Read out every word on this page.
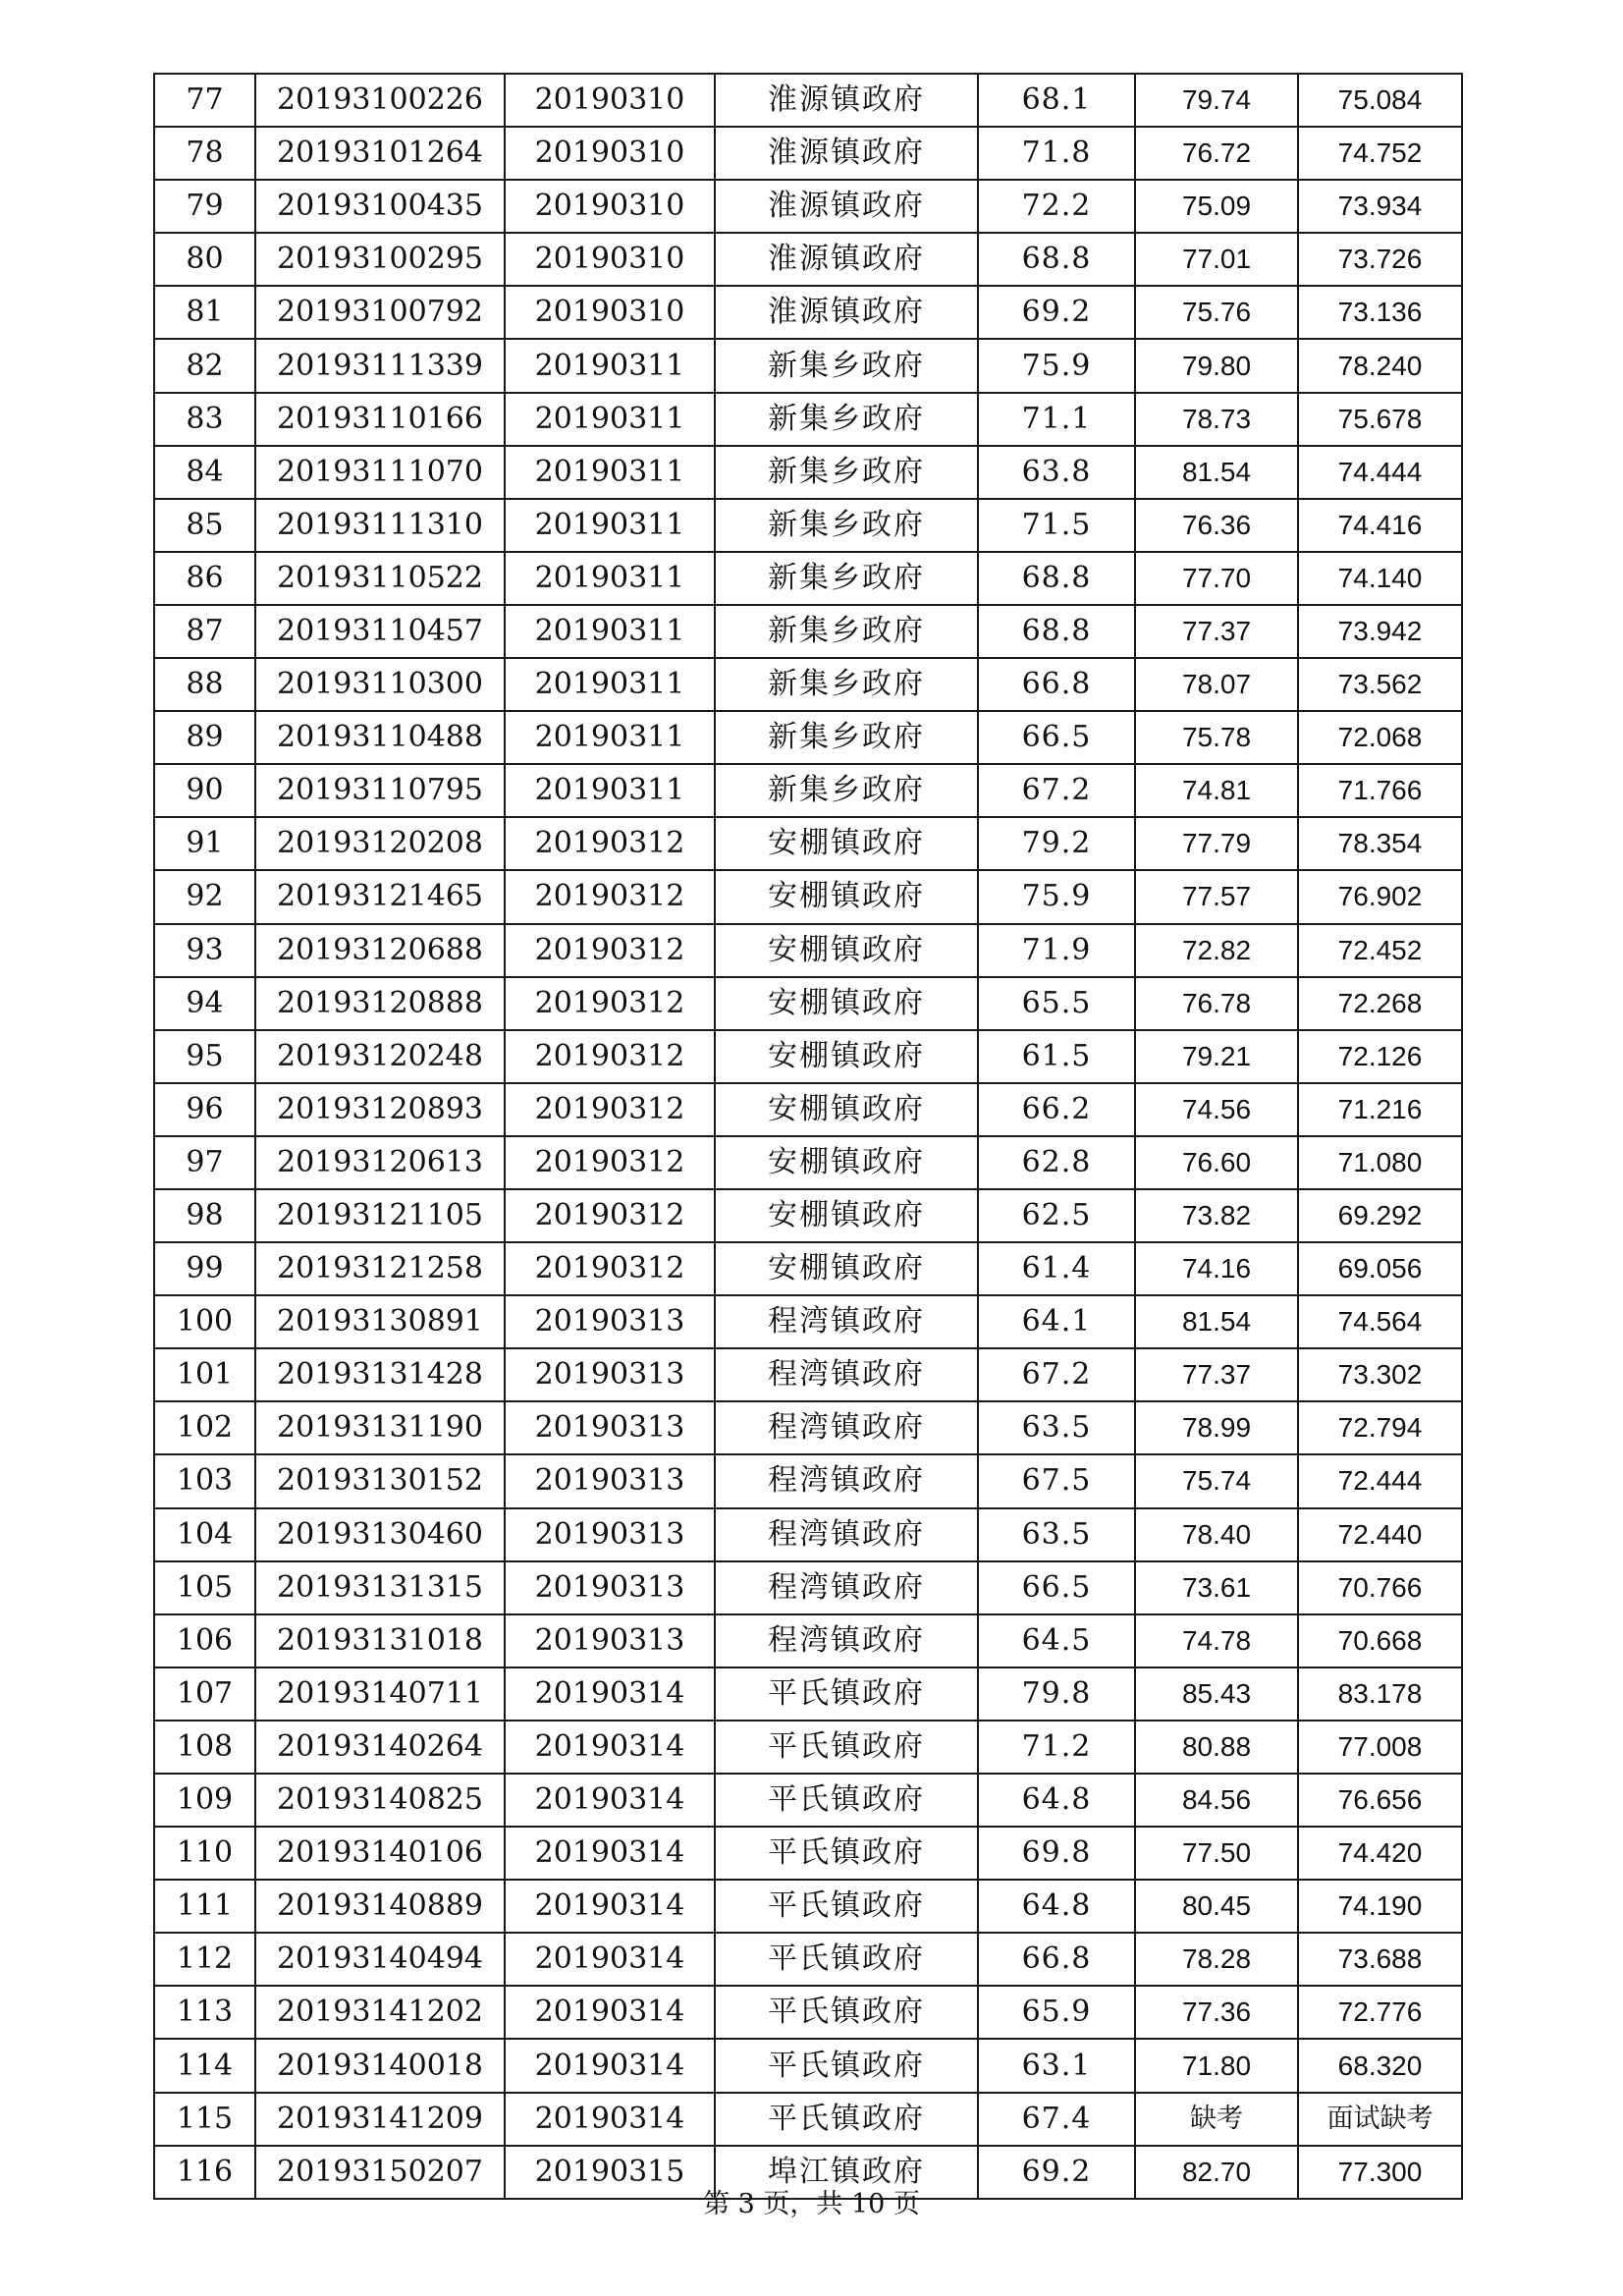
77	20193100226	20190310	淮源镇政府	68.1	79.74	75.084
78	20193101264	20190310	淮源镇政府	71.8	76.72	74.752
79	20193100435	20190310	淮源镇政府	72.2	75.09	73.934
80	20193100295	20190310	淮源镇政府	68.8	77.01	73.726
81	20193100792	20190310	淮源镇政府	69.2	75.76	73.136
82	20193111339	20190311	新集乡政府	75.9	79.80	78.240
83	20193110166	20190311	新集乡政府	71.1	78.73	75.678
84	20193111070	20190311	新集乡政府	63.8	81.54	74.444
85	20193111310	20190311	新集乡政府	71.5	76.36	74.416
86	20193110522	20190311	新集乡政府	68.8	77.70	74.140
87	20193110457	20190311	新集乡政府	68.8	77.37	73.942
88	20193110300	20190311	新集乡政府	66.8	78.07	73.562
89	20193110488	20190311	新集乡政府	66.5	75.78	72.068
90	20193110795	20190311	新集乡政府	67.2	74.81	71.766
91	20193120208	20190312	安棚镇政府	79.2	77.79	78.354
92	20193121465	20190312	安棚镇政府	75.9	77.57	76.902
93	20193120688	20190312	安棚镇政府	71.9	72.82	72.452
94	20193120888	20190312	安棚镇政府	65.5	76.78	72.268
95	20193120248	20190312	安棚镇政府	61.5	79.21	72.126
96	20193120893	20190312	安棚镇政府	66.2	74.56	71.216
97	20193120613	20190312	安棚镇政府	62.8	76.60	71.080
98	20193121105	20190312	安棚镇政府	62.5	73.82	69.292
99	20193121258	20190312	安棚镇政府	61.4	74.16	69.056
100	20193130891	20190313	程湾镇政府	64.1	81.54	74.564
101	20193131428	20190313	程湾镇政府	67.2	77.37	73.302
102	20193131190	20190313	程湾镇政府	63.5	78.99	72.794
103	20193130152	20190313	程湾镇政府	67.5	75.74	72.444
104	20193130460	20190313	程湾镇政府	63.5	78.40	72.440
105	20193131315	20190313	程湾镇政府	66.5	73.61	70.766
106	20193131018	20190313	程湾镇政府	64.5	74.78	70.668
107	20193140711	20190314	平氏镇政府	79.8	85.43	83.178
108	20193140264	20190314	平氏镇政府	71.2	80.88	77.008
109	20193140825	20190314	平氏镇政府	64.8	84.56	76.656
110	20193140106	20190314	平氏镇政府	69.8	77.50	74.420
111	20193140889	20190314	平氏镇政府	64.8	80.45	74.190
112	20193140494	20190314	平氏镇政府	66.8	78.28	73.688
113	20193141202	20190314	平氏镇政府	65.9	77.36	72.776
114	20193140018	20190314	平氏镇政府	63.1	71.80	68.320
115	20193141209	20190314	平氏镇政府	67.4	缺考	面试缺考
116	20193150207	20190315	埠江镇政府	69.2	82.70	77.300
第 3 页，共 10 页
